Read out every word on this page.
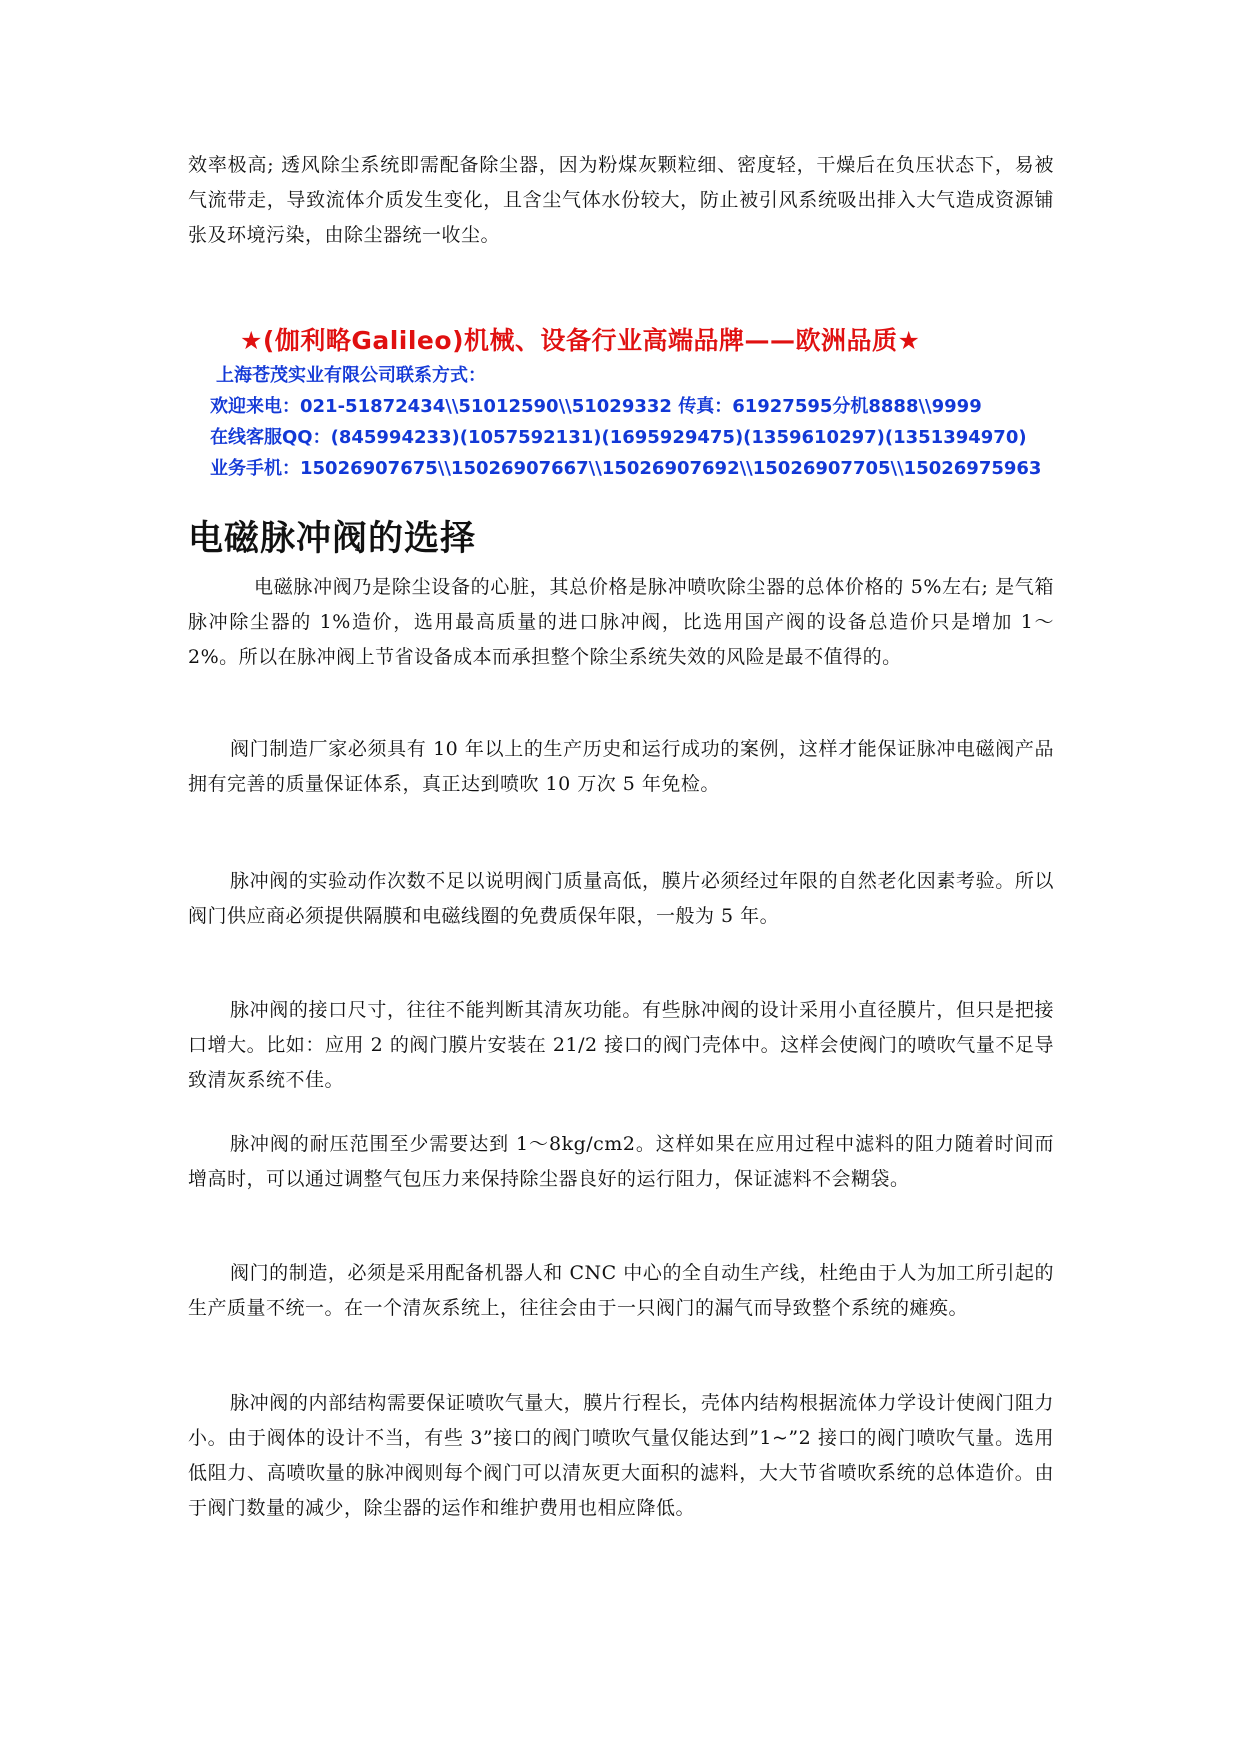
效率极高; 透风除尘系统即需配备除尘器，因为粉煤灰颗粒细、密度轻，干燥后在负压状态下，易被气流带走，导致流体介质发生变化，且含尘气体水份较大，防止被引风系统吸出排入大气造成资源铺张及环境污染，由除尘器统一收尘。

★(伽利略Galileo)机械、设备行业高端品牌——欧洲品质★

上海苍茂实业有限公司联系方式：

欢迎来电：021-51872434\\51012590\\51029332 传真：61927595分机8888\\9999

在线客服QQ：(845994233)(1057592131)(1695929475)(1359610297)(1351394970)

业务手机：15026907675\\15026907667\\15026907692\\15026907705\\15026975963

电磁脉冲阀的选择

电磁脉冲阀乃是除尘设备的心脏，其总价格是脉冲喷吹除尘器的总体价格的 5%左右; 是气箱脉冲除尘器的 1%造价，选用最高质量的进口脉冲阀，比选用国产阀的设备总造价只是增加 1～2%。所以在脉冲阀上节省设备成本而承担整个除尘系统失效的风险是最不值得的。

阀门制造厂家必须具有 10 年以上的生产历史和运行成功的案例，这样才能保证脉冲电磁阀产品拥有完善的质量保证体系，真正达到喷吹 10 万次 5 年免检。

脉冲阀的实验动作次数不足以说明阀门质量高低，膜片必须经过年限的自然老化因素考验。所以阀门供应商必须提供隔膜和电磁线圈的免费质保年限，一般为 5 年。

脉冲阀的接口尺寸，往往不能判断其清灰功能。有些脉冲阀的设计采用小直径膜片，但只是把接口增大。比如：应用 2 的阀门膜片安装在 21/2 接口的阀门壳体中。这样会使阀门的喷吹气量不足导致清灰系统不佳。

脉冲阀的耐压范围至少需要达到 1～8kg/cm2。这样如果在应用过程中滤料的阻力随着时间而增高时，可以通过调整气包压力来保持除尘器良好的运行阻力，保证滤料不会糊袋。

阀门的制造，必须是采用配备机器人和 CNC 中心的全自动生产线，杜绝由于人为加工所引起的生产质量不统一。在一个清灰系统上，往往会由于一只阀门的漏气而导致整个系统的瘫痪。

脉冲阀的内部结构需要保证喷吹气量大，膜片行程长，壳体内结构根据流体力学设计使阀门阻力小。由于阀体的设计不当，有些 3”接口的阀门喷吹气量仅能达到”1~”2 接口的阀门喷吹气量。选用低阻力、高喷吹量的脉冲阀则每个阀门可以清灰更大面积的滤料，大大节省喷吹系统的总体造价。由于阀门数量的减少，除尘器的运作和维护费用也相应降低。
